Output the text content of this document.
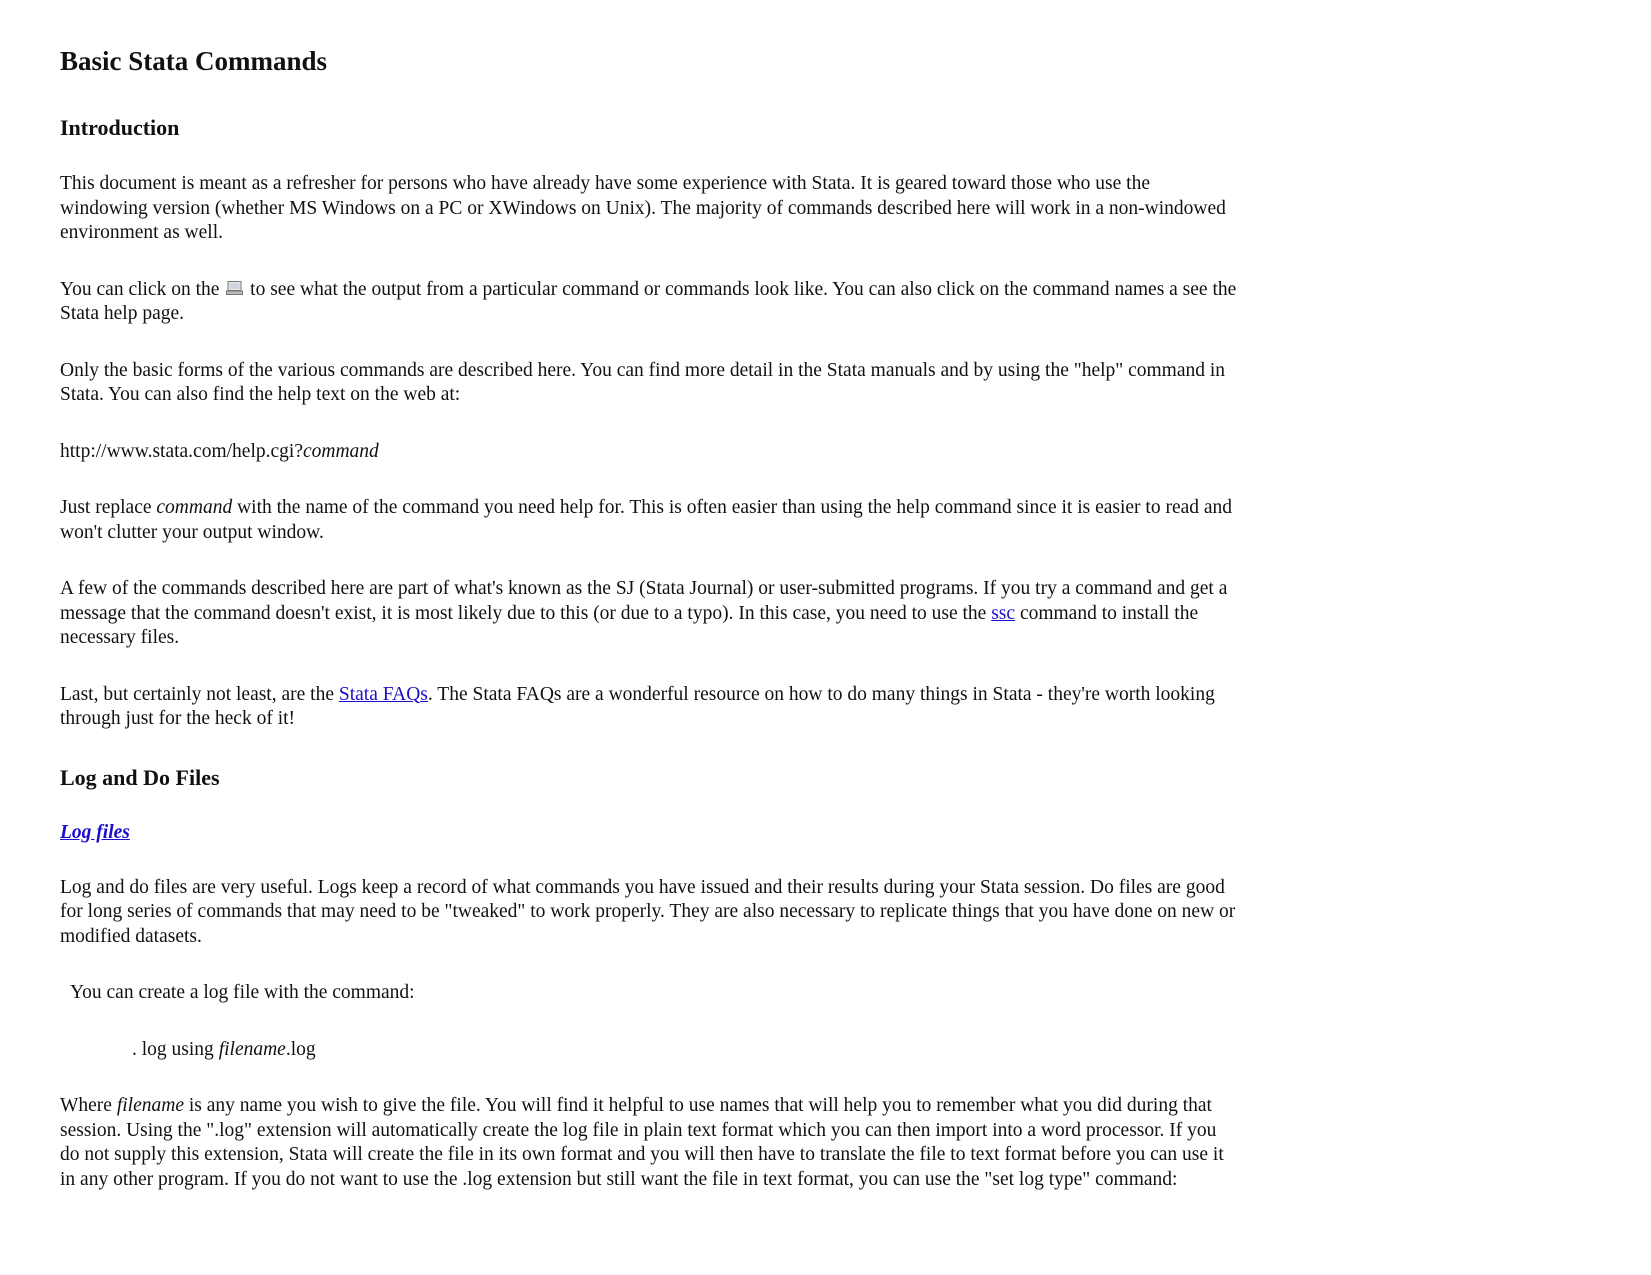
Basic Stata Commands
Introduction

This document is meant as a refresher for persons who have already have some experience with Stata. It is geared toward those who use the windowing version (whether MS Windows on a PC or XWindows on Unix). The majority of commands described here will work in a non-windowed environment as well.

You can click on the to see what the output from a particular command or commands look like. You can also click on the command names a see the Stata help page.

Only the basic forms of the various commands are described here. You can find more detail in the Stata manuals and by using the "help" command in Stata. You can also find the help text on the web at:

http://www.stata.com/help.cgi?command

Just replace command with the name of the command you need help for. This is often easier than using the help command since it is easier to read and won't clutter your output window.

A few of the commands described here are part of what's known as the SJ (Stata Journal) or user-submitted programs. If you try a command and get a message that the command doesn't exist, it is most likely due to this (or due to a typo). In this case, you need to use the ssc command to install the necessary files.

Last, but certainly not least, are the Stata FAQs. The Stata FAQs are a wonderful resource on how to do many things in Stata - they're worth looking through just for the heck of it!

Log and Do Files
Log files

Log and do files are very useful. Logs keep a record of what commands you have issued and their results during your Stata session. Do files are good for long series of commands that may need to be "tweaked" to work properly. They are also necessary to replicate things that you have done on new or modified datasets.

You can create a log file with the command:

. log using filename.log

Where filename is any name you wish to give the file. You will find it helpful to use names that will help you to remember what you did during that session. Using the ".log" extension will automatically create the log file in plain text format which you can then import into a word processor. If you do not supply this extension, Stata will create the file in its own format and you will then have to translate the file to text format before you can use it in any other program. If you do not want to use the .log extension but still want the file in text format, you can use the "set log type" command:
